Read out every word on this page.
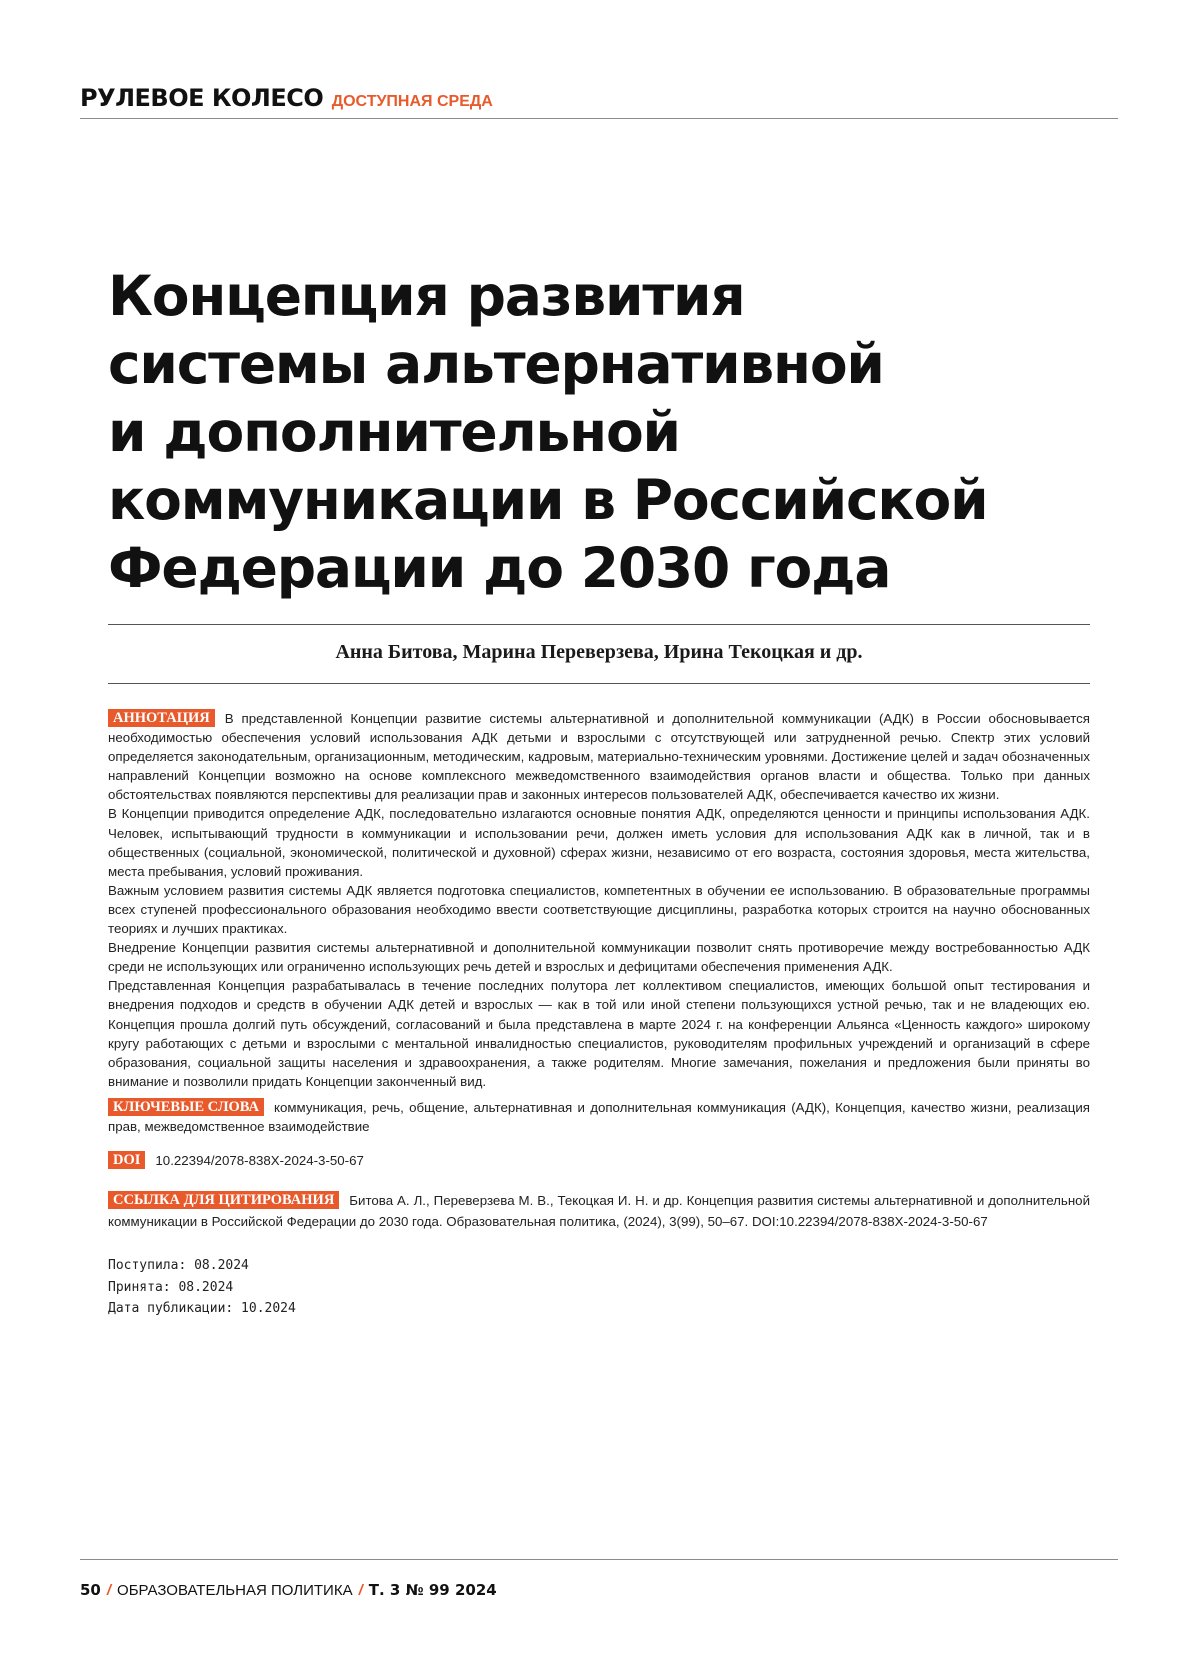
РУЛЕВОЕ КОЛЕСО ДОСТУПНАЯ СРЕДА
Концепция развития
системы альтернативной
и дополнительной
коммуникации в Российской
Федерации до 2030 года
Анна Битова, Марина Переверзева, Ирина Текоцкая и др.

АННОТАЦИЯ В представленной Концепции развитие системы альтернативной и дополнительной коммуникации (АДК) в России обосновывается необходимостью обеспечения условий использования АДК детьми и взрослыми с отсутствующей или затрудненной речью. Спектр этих условий определяется законодательным, организационным, методическим, кадровым, материально-техническим уровнями. Достижение целей и задач обозначенных направлений Концепции возможно на основе комплексного межведомственного взаимодействия органов власти и общества. Только при данных обстоятельствах появляются перспективы для реализации прав и законных интересов пользователей АДК, обеспечивается качество их жизни.

В Концепции приводится определение АДК, последовательно излагаются основные понятия АДК, определяются ценности и принципы использования АДК. Человек, испытывающий трудности в коммуникации и использовании речи, должен иметь условия для использования АДК как в личной, так и в общественных (социальной, экономической, политической и духовной) сферах жизни, независимо от его возраста, состояния здоровья, места жительства, места пребывания, условий проживания.

Важным условием развития системы АДК является подготовка специалистов, компетентных в обучении ее использованию. В образовательные программы всех ступеней профессионального образования необходимо ввести соответствующие дисциплины, разработка которых строится на научно обоснованных теориях и лучших практиках.

Внедрение Концепции развития системы альтернативной и дополнительной коммуникации позволит снять противоречие между востребованностью АДК среди не использующих или ограниченно использующих речь детей и взрослых и дефицитами обеспечения применения АДК.

Представленная Концепция разрабатывалась в течение последних полутора лет коллективом специалистов, имеющих большой опыт тестирования и внедрения подходов и средств в обучении АДК детей и взрослых — как в той или иной степени пользующихся устной речью, так и не владеющих ею. Концепция прошла долгий путь обсуждений, согласований и была представлена в марте 2024 г. на конференции Альянса «Ценность каждого» широкому кругу работающих с детьми и взрослыми с ментальной инвалидностью специалистов, руководителям профильных учреждений и организаций в сфере образования, социальной защиты населения и здравоохранения, а также родителям. Многие замечания, пожелания и предложения были приняты во внимание и позволили придать Концепции законченный вид.

КЛЮЧЕВЫЕ СЛОВА коммуникация, речь, общение, альтернативная и дополнительная коммуникация (АДК), Концепция, качество жизни, реализация прав, межведомственное взаимодействие
DOI 10.22394/2078-838X-2024-3-50-67
ССЫЛКА ДЛЯ ЦИТИРОВАНИЯ Битова А. Л., Переверзева М. В., Текоцкая И. Н. и др. Концепция развития системы альтернативной и дополнительной коммуникации в Российской Федерации до 2030 года. Образовательная политика, (2024), 3(99), 50–67. DOI:10.22394/2078-838X-2024-3-50-67
Поступила: 08.2024
Принята: 08.2024
Дата публикации: 10.2024
50 / ОБРАЗОВАТЕЛЬНАЯ ПОЛИТИКА / Т. 3 № 99 2024
